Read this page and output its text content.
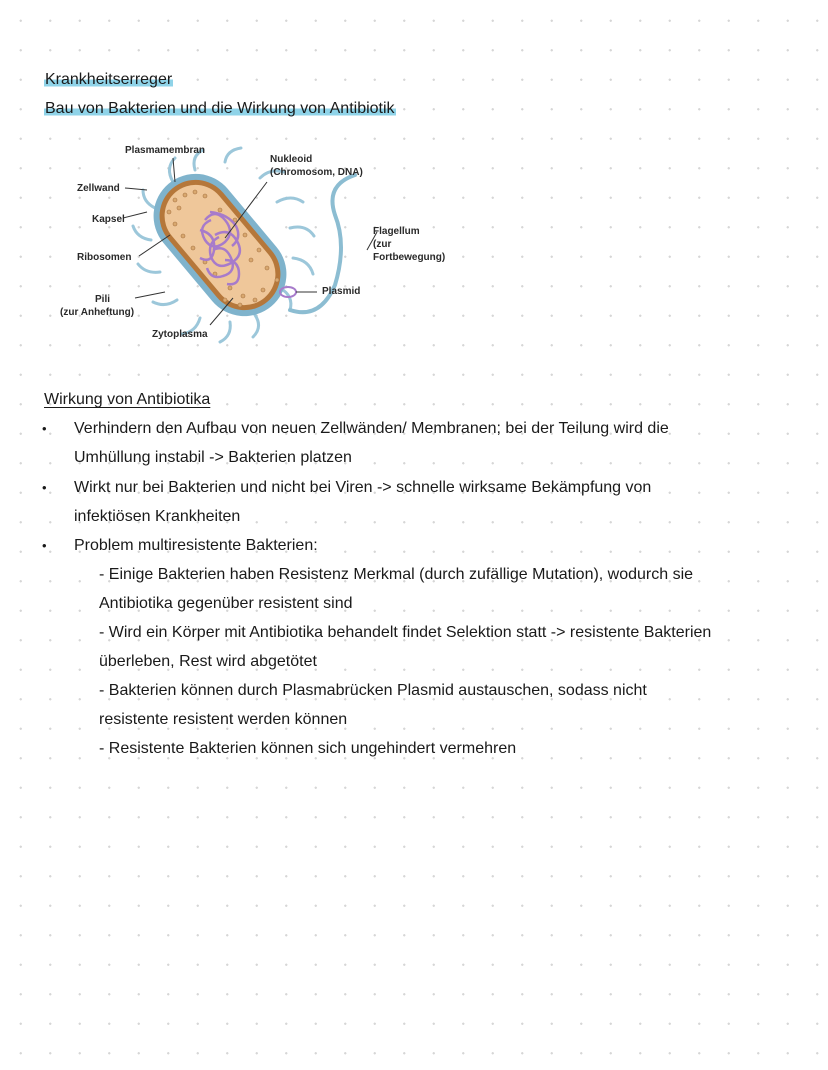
Krankheitserreger
Bau von Bakterien und die Wirkung von Antibiotik
Plasmamembran
Nukleoid
(Chromosom, DNA)
Zellwand
Kapsel
Ribosomen
Pili
(zur Anheftung)
Zytoplasma
Plasmid
Flagellum
(zur
Fortbewegung)
Wirkung von Antibiotika
• Verhindern den Aufbau von neuen Zellwänden/ Membranen; bei der Teilung wird die
Umhüllung instabil -> Bakterien platzen
• Wirkt nur bei Bakterien und nicht bei Viren -> schnelle wirksame Bekämpfung von
infektiösen Krankheiten
• Problem multiresistente Bakterien:
- Einige Bakterien haben Resistenz Merkmal (durch zufällige Mutation), wodurch sie
Antibiotika gegenüber resistent sind
- Wird ein Körper mit Antibiotika behandelt findet Selektion statt -> resistente Bakterien
überleben, Rest wird abgetötet
- Bakterien können durch Plasmabrücken Plasmid austauschen, sodass nicht
resistente resistent werden können
- Resistente Bakterien können sich ungehindert vermehren
